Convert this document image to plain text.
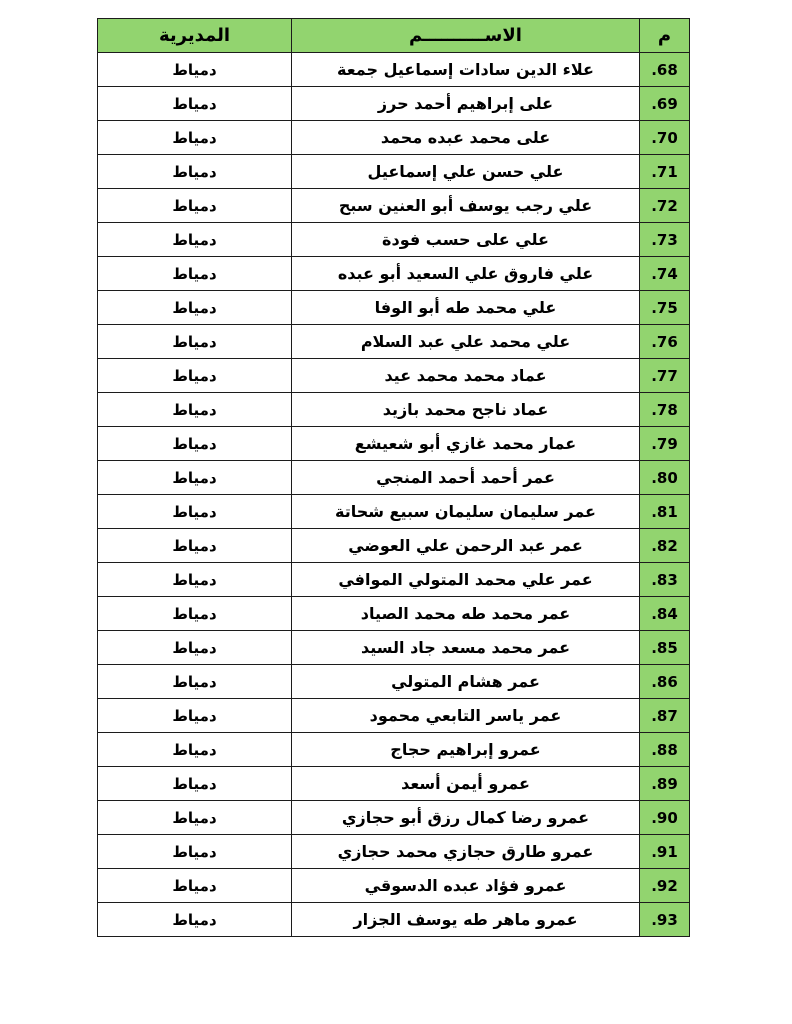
م	الاســــــــــم	المديرية
.68	علاء الدين سادات إسماعيل جمعة	دمياط
.69	على إبراهيم أحمد حرز	دمياط
.70	على محمد عبده محمد	دمياط
.71	علي حسن علي إسماعيل	دمياط
.72	علي رجب يوسف أبو العنين سبح	دمياط
.73	علي على حسب فودة	دمياط
.74	علي فاروق علي السعيد أبو عبده	دمياط
.75	علي محمد طه أبو الوفا	دمياط
.76	علي محمد علي عبد السلام	دمياط
.77	عماد محمد محمد عيد	دمياط
.78	عماد ناجح محمد بازيد	دمياط
.79	عمار محمد غازي أبو شعيشع	دمياط
.80	عمر أحمد أحمد المنجي	دمياط
.81	عمر سليمان سليمان سبيع شحاتة	دمياط
.82	عمر عبد الرحمن علي العوضي	دمياط
.83	عمر علي محمد المتولي الموافي	دمياط
.84	عمر محمد طه محمد الصياد	دمياط
.85	عمر محمد مسعد جاد السيد	دمياط
.86	عمر هشام المتولي	دمياط
.87	عمر ياسر التابعي محمود	دمياط
.88	عمرو إبراهيم حجاج	دمياط
.89	عمرو أيمن أسعد	دمياط
.90	عمرو رضا كمال رزق أبو حجازي	دمياط
.91	عمرو طارق حجازي محمد حجازي	دمياط
.92	عمرو فؤاد عبده الدسوقي	دمياط
.93	عمرو ماهر طه يوسف الجزار	دمياط
